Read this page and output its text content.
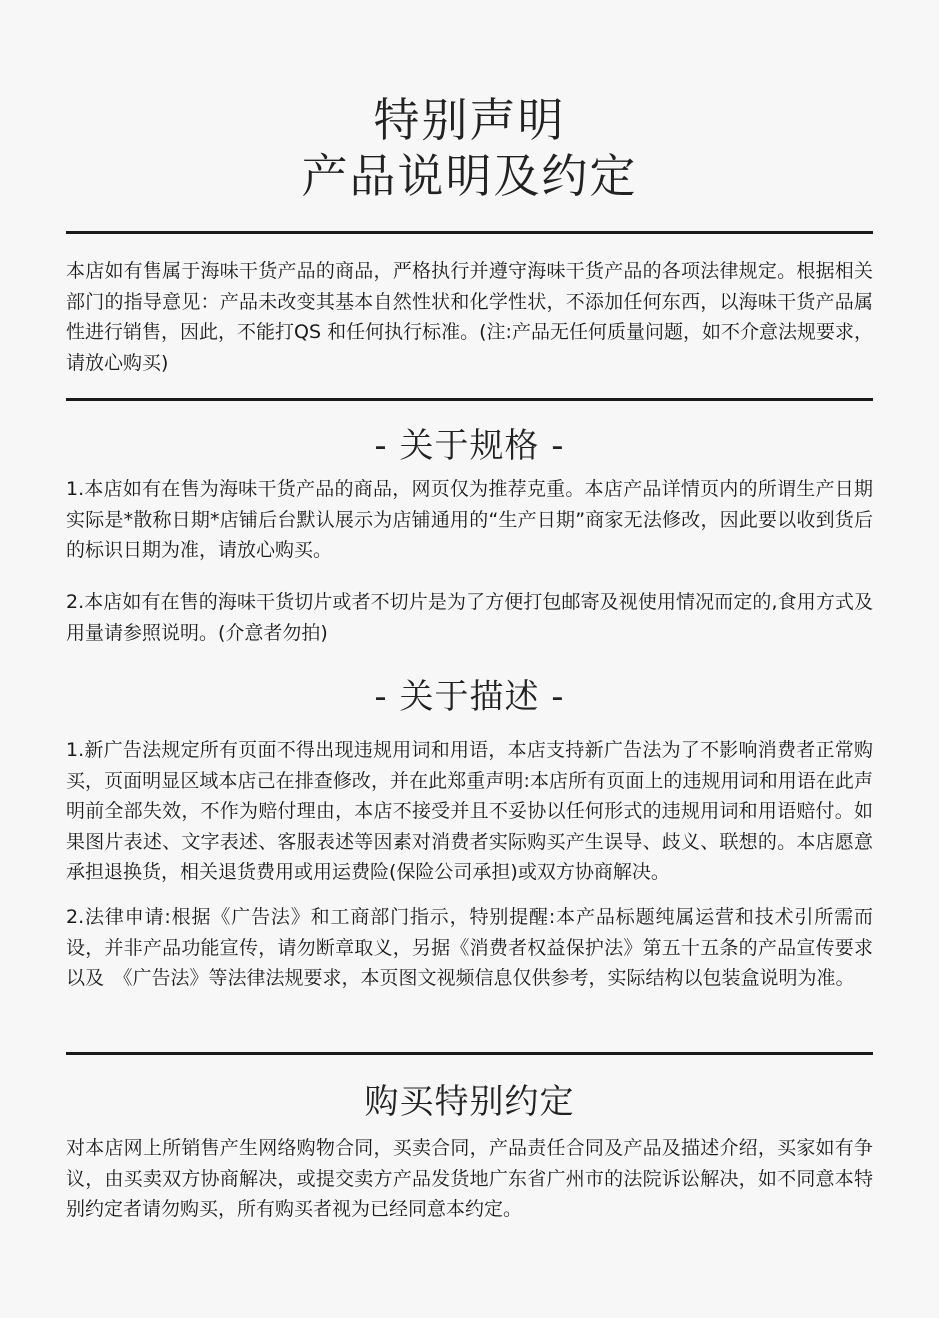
特别声明
产品说明及约定
本店如有售属于海味干货产品的商品，严格执行并遵守海味干货产品的各项法律规定。根据相关部门的指导意见：产品未改变其基本自然性状和化学性状，不添加任何东西，以海味干货产品属性进行销售，因此，不能打QS 和任何执行标准。(注:产品无任何质量问题，如不介意法规要求，请放心购买)
- 关于规格 -
1.本店如有在售为海味干货产品的商品，网页仅为推荐克重。本店产品详情页内的所谓生产日期实际是*散称日期*店铺后台默认展示为店铺通用的“生产日期”商家无法修改，因此要以收到货后的标识日期为准，请放心购买。
2.本店如有在售的海味干货切片或者不切片是为了方便打包邮寄及视使用情况而定的,食用方式及用量请参照说明。(介意者勿拍)
- 关于描述 -
1.新广告法规定所有页面不得出现违规用词和用语，本店支持新广告法为了不影响消费者正常购买，页面明显区域本店己在排查修改，并在此郑重声明:本店所有页面上的违规用词和用语在此声明前全部失效，不作为赔付理由，本店不接受并且不妥协以任何形式的违规用词和用语赔付。如果图片表述、文字表述、客服表述等因素对消费者实际购买产生误导、歧义、联想的。本店愿意承担退换货，相关退货费用或用运费险(保险公司承担)或双方协商解决。
2.法律申请:根据《广告法》和工商部门指示，特别提醒:本产品标题纯属运营和技术引所需而设，并非产品功能宣传，请勿断章取义，另据《消费者权益保护法》第五十五条的产品宣传要求以及　《广告法》等法律法规要求，本页图文视频信息仅供参考，实际结构以包装盒说明为准。
购买特别约定
对本店网上所销售产生网络购物合同，买卖合同，产品责任合同及产品及描述介绍，买家如有争议，由买卖双方协商解决，或提交卖方产品发货地广东省广州市的法院诉讼解决，如不同意本特别约定者请勿购买，所有购买者视为已经同意本约定。
